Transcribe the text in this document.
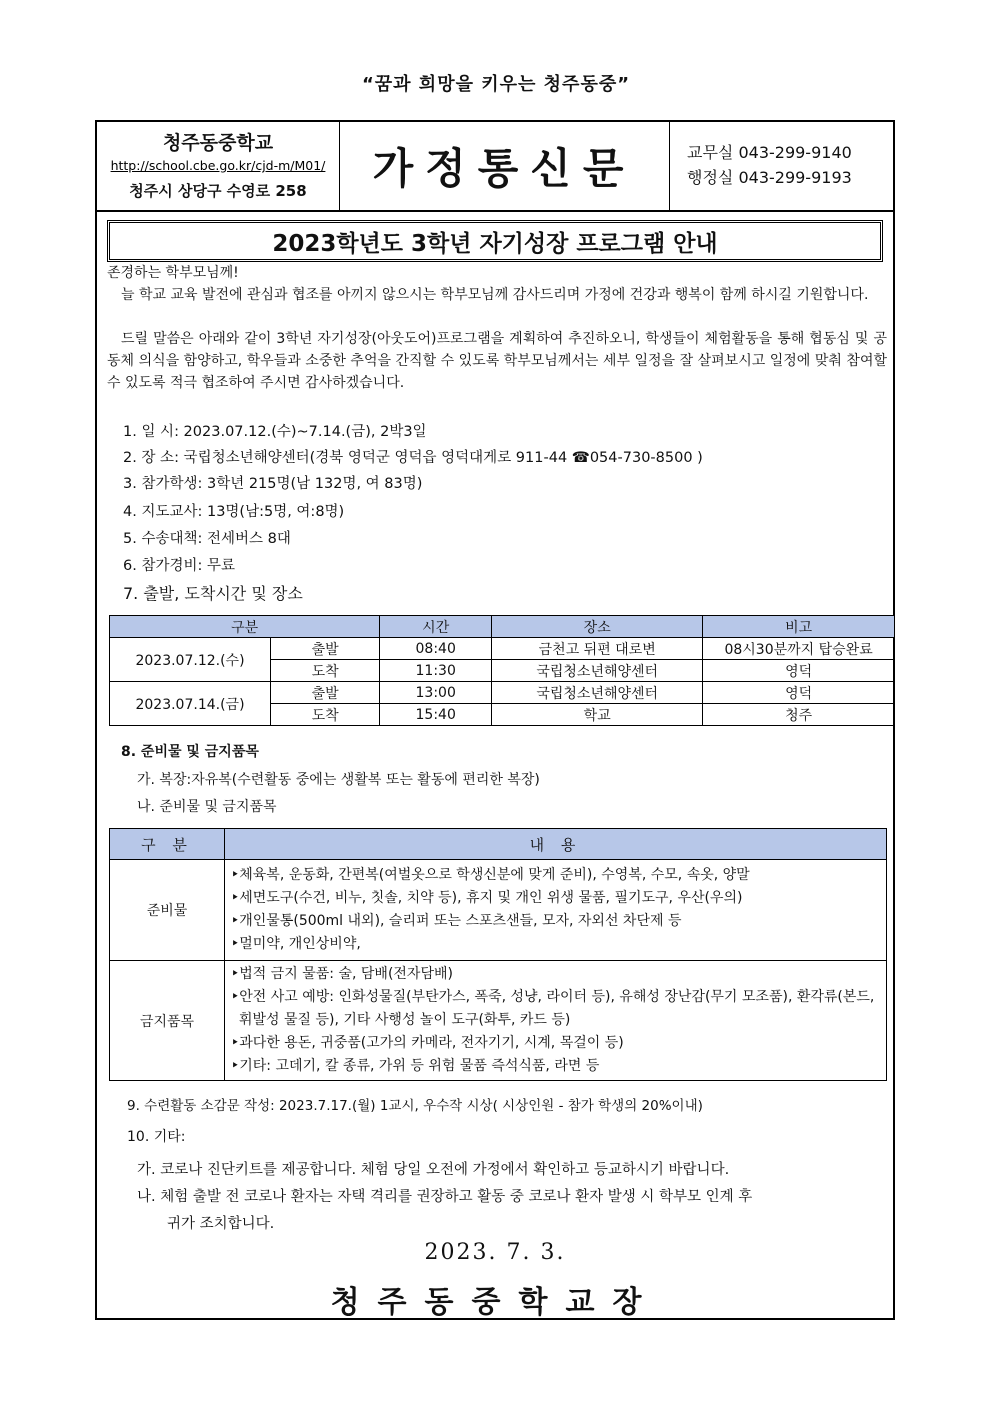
“꿈과 희망을 키우는 청주동중”
청주동중학교
http://school.cbe.go.kr/cjd-m/M01/
청주시 상당구 수영로 258	가정통신문	교무실 043-299-9140
행정실 043-299-9193
2023학년도 3학년 자기성장 프로그램 안내
존경하는 학부모님께!
늘 학교 교육 발전에 관심과 협조를 아끼지 않으시는 학부모님께 감사드리며 가정에 건강과 행복이 함께 하시길 기원합니다.
드릴 말씀은 아래와 같이 3학년 자기성장(아웃도어)프로그램을 계획하여 추진하오니, 학생들이 체험활동을 통해 협동심 및 공동체 의식을 함양하고, 학우들과 소중한 추억을 간직할 수 있도록 학부모님께서는 세부 일정을 잘 살펴보시고 일정에 맞춰 참여할 수 있도록 적극 협조하여 주시면 감사하겠습니다.
1. 일 시: 2023.07.12.(수)~7.14.(금), 2박3일
2. 장 소: 국립청소년해양센터(경북 영덕군 영덕읍 영덕대게로 911-44 ☎054-730-8500 )
3. 참가학생: 3학년 215명(남 132명, 여 83명)
4. 지도교사: 13명(남:5명, 여:8명)
5. 수송대책: 전세버스 8대
6. 참가경비: 무료
7. 출발, 도착시간 및 장소
구분		시간	장소	비고
2023.07.12.(수)	출발	08:40	금천고 뒤편 대로변	08시30분까지 탑승완료
	도착	11:30	국립청소년해양센터	영덕
2023.07.14.(금)	출발	13:00	국립청소년해양센터	영덕
	도착	15:40	학교	청주
8. 준비물 및 금지품목
가. 복장:자유복(수련활동 중에는 생활복 또는 활동에 편리한 복장)
나. 준비물 및 금지품목
구 분	내 용
준비물	‣체육복, 운동화, 간편복(여벌옷으로 학생신분에 맞게 준비), 수영복, 수모, 속옷, 양말
‣세면도구(수건, 비누, 칫솔, 치약 등), 휴지 및 개인 위생 물품, 필기도구, 우산(우의)
‣개인물통(500ml 내외), 슬리퍼 또는 스포츠샌들, 모자, 자외선 차단제 등
‣멀미약, 개인상비약,

금지품목	‣법적 금지 물품: 술, 담배(전자담배)
‣안전 사고 예방: 인화성물질(부탄가스, 폭죽, 성냥, 라이터 등), 유해성 장난감(무기 모조품), 환각류(본드, 휘발성 물질 등), 기타 사행성 놀이 도구(화투, 카드 등)
‣과다한 용돈, 귀중품(고가의 카메라, 전자기기, 시계, 목걸이 등)
‣기타: 고데기, 칼 종류, 가위 등 위험 물품 즉석식품, 라면 등
9. 수련활동 소감문 작성: 2023.7.17.(월) 1교시, 우수작 시상( 시상인원 - 참가 학생의 20%이내)
10. 기타:
가. 코로나 진단키트를 제공합니다. 체험 당일 오전에 가정에서 확인하고 등교하시기 바랍니다.
나. 체험 출발 전 코로나 환자는 자택 격리를 권장하고 활동 중 코로나 환자 발생 시 학부모 인계 후
귀가 조치합니다.
2023. 7. 3.
청주동중학교장
